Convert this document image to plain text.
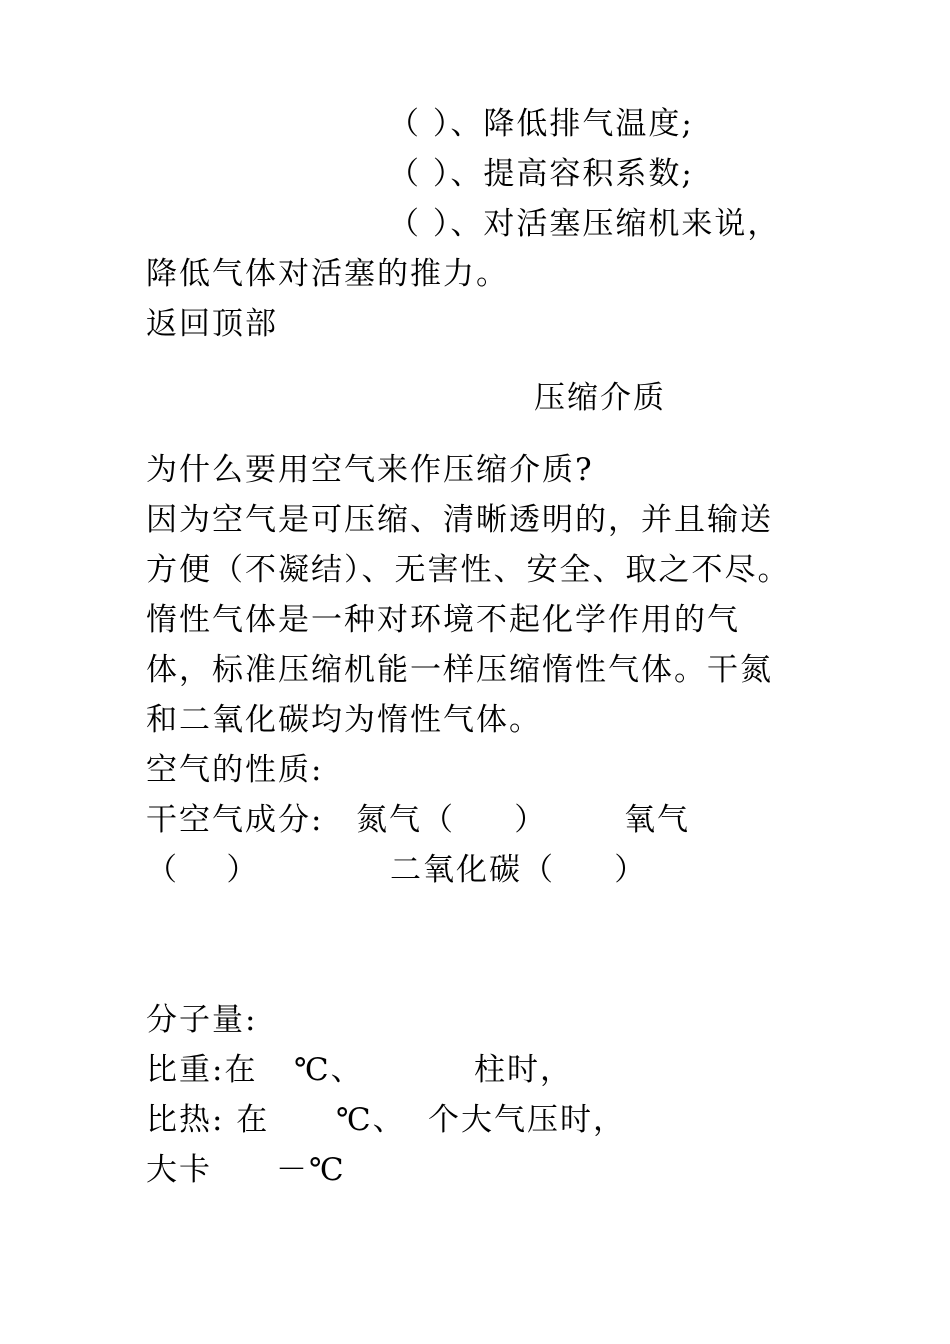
（ ）、降低排气温度;
（ ）、提高容积系数;
（ ）、对活塞压缩机来说，
降低气体对活塞的推力。
返回顶部
压缩介质
为什么要用空气来作压缩介质?
因为空气是可压缩、清晰透明的，并且输送
方便（不凝结）、无害性、安全、取之不尽。
惰性气体是一种对环境不起化学作用的气
体，标准压缩机能一样压缩惰性气体。干氮
和二氧化碳均为惰性气体。
空气的性质:
干空气成分: 氮气（     ） 氧气
（    ）	二氧化碳（     ）
分子量:
比重:在 ℃、	柱时，
比热: 在 ℃、 个大气压时，
大卡 －℃
